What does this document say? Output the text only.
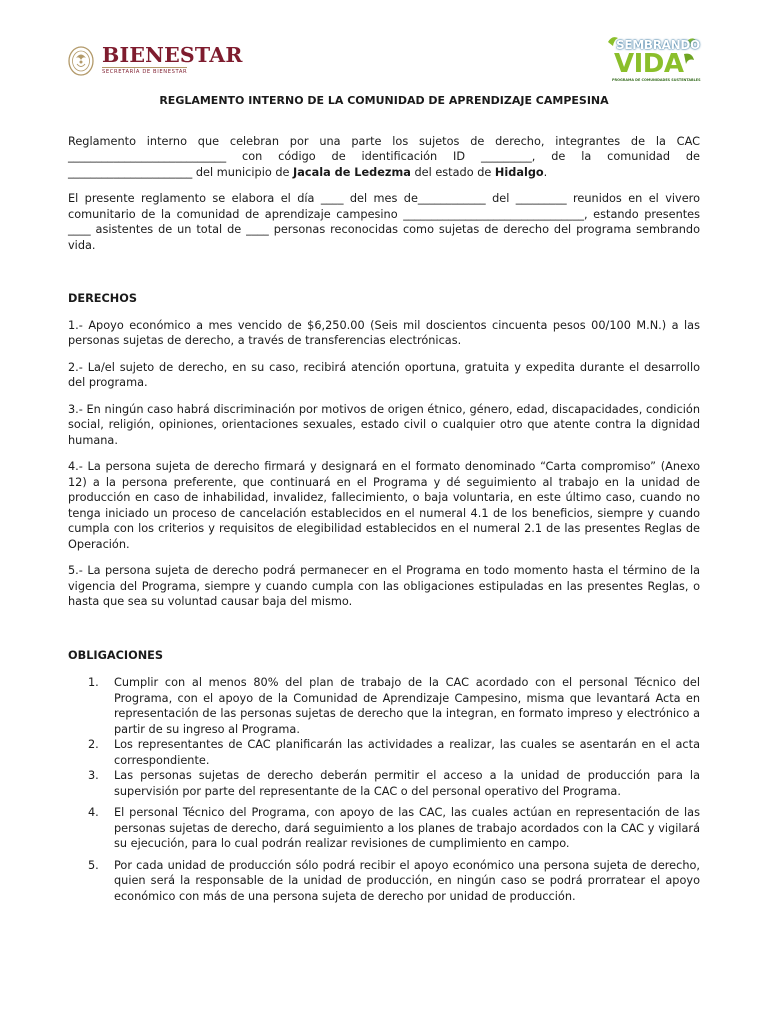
BIENESTAR
SECRETARÍA DE BIENESTAR
SEMBRANDO
VIDA
PROGRAMA DE COMUNIDADES SUSTENTABLES
REGLAMENTO INTERNO DE LA COMUNIDAD DE APRENDIZAJE CAMPESINA

Reglamento interno que celebran por una parte los sujetos de derecho, integrantes de la CAC ____________________________ con código de identificación ID _________, de la comunidad de ______________________ del municipio de Jacala de Ledezma del estado de Hidalgo.

El presente reglamento se elabora el día ____ del mes de____________ del _________ reunidos en el vivero comunitario de la comunidad de aprendizaje campesino ________________________________, estando presentes ____ asistentes de un total de ____ personas reconocidas como sujetas de derecho del programa sembrando vida.

DERECHOS

1.- Apoyo económico a mes vencido de $6,250.00 (Seis mil doscientos cincuenta pesos 00/100 M.N.) a las personas sujetas de derecho, a través de transferencias electrónicas.

2.- La/el sujeto de derecho, en su caso, recibirá atención oportuna, gratuita y expedita durante el desarrollo del programa.

3.- En ningún caso habrá discriminación por motivos de origen étnico, género, edad, discapacidades, condición social, religión, opiniones, orientaciones sexuales, estado civil o cualquier otro que atente contra la dignidad humana.

4.- La persona sujeta de derecho firmará y designará en el formato denominado “Carta compromiso” (Anexo 12) a la persona preferente, que continuará en el Programa y dé seguimiento al trabajo en la unidad de producción en caso de inhabilidad, invalidez, fallecimiento, o baja voluntaria, en este último caso, cuando no tenga iniciado un proceso de cancelación establecidos en el numeral 4.1 de los beneficios, siempre y cuando cumpla con los criterios y requisitos de elegibilidad establecidos en el numeral 2.1 de las presentes Reglas de Operación.

5.- La persona sujeta de derecho podrá permanecer en el Programa en todo momento hasta el término de la vigencia del Programa, siempre y cuando cumpla con las obligaciones estipuladas en las presentes Reglas, o hasta que sea su voluntad causar baja del mismo.

OBLIGACIONES
1. Cumplir con al menos 80% del plan de trabajo de la CAC acordado con el personal Técnico del Programa, con el apoyo de la Comunidad de Aprendizaje Campesino, misma que levantará Acta en representación de las personas sujetas de derecho que la integran, en formato impreso y electrónico a partir de su ingreso al Programa.
2. Los representantes de CAC planificarán las actividades a realizar, las cuales se asentarán en el acta correspondiente.
3. Las personas sujetas de derecho deberán permitir el acceso a la unidad de producción para la supervisión por parte del representante de la CAC o del personal operativo del Programa.
4. El personal Técnico del Programa, con apoyo de las CAC, las cuales actúan en representación de las personas sujetas de derecho, dará seguimiento a los planes de trabajo acordados con la CAC y vigilará su ejecución, para lo cual podrán realizar revisiones de cumplimiento en campo.
5. Por cada unidad de producción sólo podrá recibir el apoyo económico una persona sujeta de derecho, quien será la responsable de la unidad de producción, en ningún caso se podrá prorratear el apoyo económico con más de una persona sujeta de derecho por unidad de producción.
